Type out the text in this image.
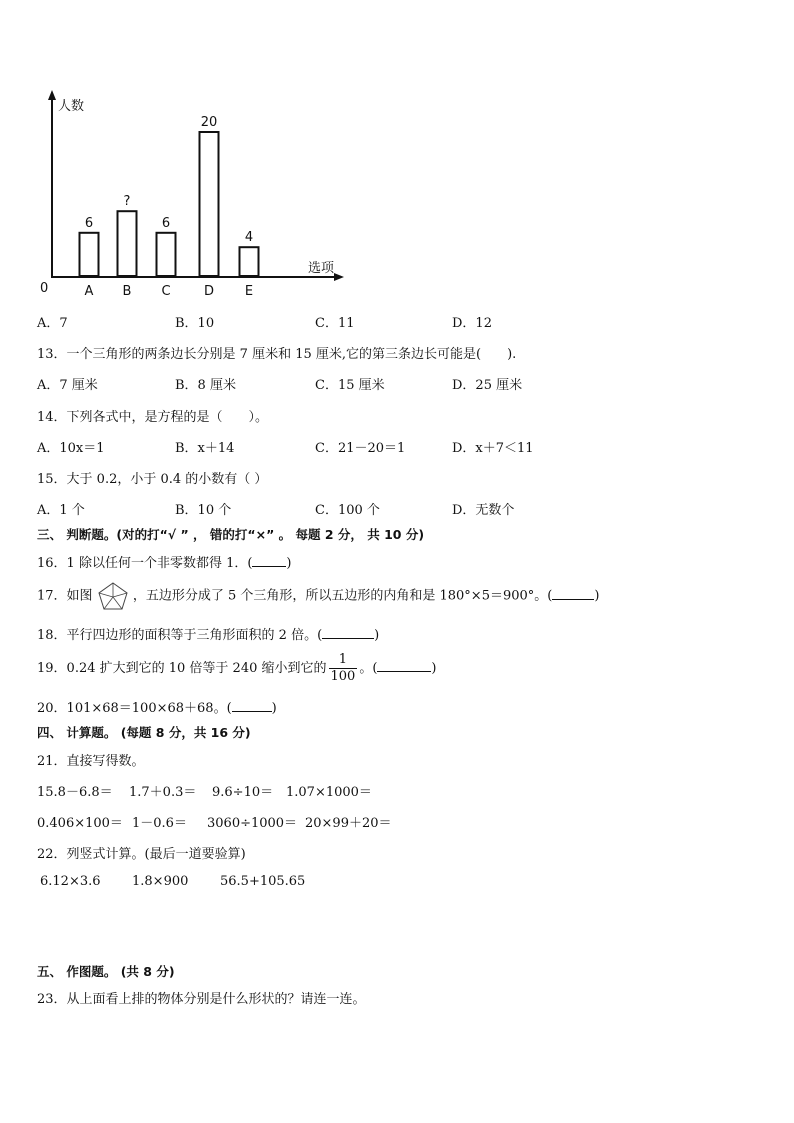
人数
选项
0
6
A
?
B
6
C
20
D
4
E
A．7	B．10	C．11	D．12
13．一个三角形的两条边长分别是 7 厘米和 15 厘米,它的第三条边长可能是(　　).
A．7 厘米	B．8 厘米	C．15 厘米	D．25 厘米
14．下列各式中，是方程的是（　　）。
A．10x＝1	B．x＋14	C．21－20＝1	D．x＋7＜11
15．大于 0.2，小于 0.4 的小数有（ ）
A．1 个	B．10 个	C．100 个	D．无数个
三、 判断题。(对的打“√ ” ， 错的打“×” 。 每题 2 分， 共 10 分)
16．1 除以任何一个非零数都得 1．(	)
17．如图	，五边形分成了 5 个三角形，所以五边形的内角和是 180°×5＝900°。(	)
18．平行四边形的面积等于三角形面积的 2 倍。(	)
19．0.24 扩大到它的 10 倍等于 240 缩小到它的 $\frac{1}{100}$ 。(	)
20．101×68＝100×68＋68。(	)
四、 计算题。 (每题 8 分，共 16 分)
21．直接写得数。
15.8－6.8＝ 1.7＋0.3＝ 9.6÷10＝ 1.07×1000＝
0.406×100＝ 1－0.6＝ 3060÷1000＝ 20×99＋20＝
22．列竖式计算。(最后一道要验算)
6.12×3.6 1.8×900 56.5+105.65
五、 作图题。 (共 8 分)
23．从上面看上排的物体分别是什么形状的？请连一连。
